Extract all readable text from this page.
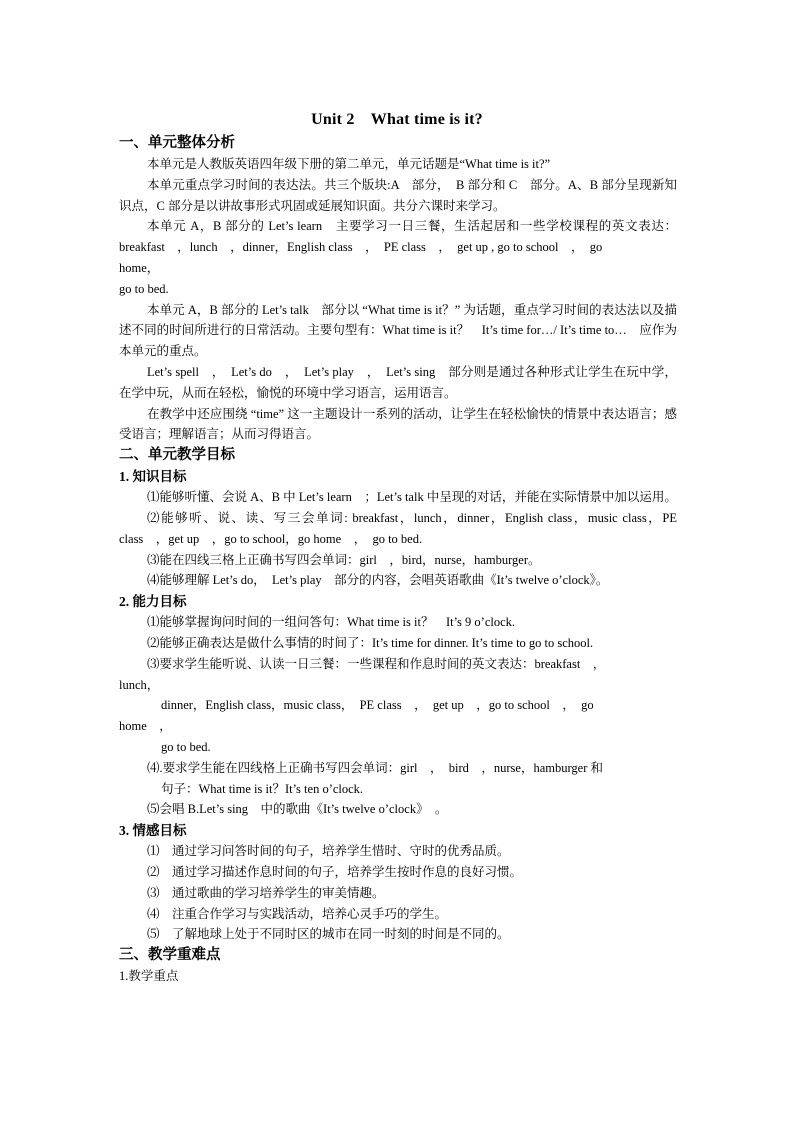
Unit 2　What time is it?
一、单元整体分析
本单元是人教版英语四年级下册的第二单元，单元话题是“What time is it?”
本单元重点学习时间的表达法。共三个版块:A　部分，　B 部分和 C　部分。A、B 部分呈现新知识点，C 部分是以讲故事形式巩固或延展知识面。共分六课时来学习。
本单元 A，B 部分的 Let’s learn　主要学习一日三餐，生活起居和一些学校课程的英文表达：breakfast　，lunch　，dinner，English class　，　PE class　，　get up , go to school　，　go
home，
go to bed.
本单元 A，B 部分的 Let’s talk　部分以 “What time is it？” 为话题，重点学习时间的表达法以及描述不同的时间所进行的日常活动。主要句型有：What time is it？　It’s time for…/ It’s time to…　应作为本单元的重点。
Let’s spell　，　Let’s do　，　Let’s play　，　Let’s sing　部分则是通过各种形式让学生在玩中学，在学中玩，从而在轻松，愉悦的环境中学习语言，运用语言。
在教学中还应围绕 “time” 这一主题设计一系列的活动，让学生在轻松愉快的情景中表达语言；感受语言；理解语言；从而习得语言。
二、单元教学目标
1. 知识目标
⑴能够听懂、会说 A、B 中 Let’s learn　；Let’s talk 中呈现的对话，并能在实际情景中加以运用。
⑵能够听、说、读、写三会单词: breakfast，lunch，dinner，English class，music class，PE class　，get up　，go to school，go home　，　go to bed.
⑶能在四线三格上正确书写四会单词：girl　，bird，nurse，hamburger。
⑷能够理解 Let’s do，　Let’s play　部分的内容，会唱英语歌曲《It’s twelve o’clock》。
2. 能力目标
⑴能够掌握询问时间的一组问答句：What time is it？　It’s 9 o’clock.
⑵能够正确表达是做什么事情的时间了：It’s time for dinner. It’s time to go to school.
⑶要求学生能听说、认读一日三餐：一些课程和作息时间的英文表达：breakfast　，
lunch，
dinner，English class，music class，　PE class　，　get up　，go to school　，　go
home　，
go to bed.
⑷.要求学生能在四线格上正确书写四会单词：girl　，　bird　，nurse，hamburger 和
句子：What time is it？It’s ten o’clock.
⑸会唱 B.Let’s sing　中的歌曲《It’s twelve o’clock》　。
3. 情感目标
⑴　通过学习问答时间的句子，培养学生惜时、守时的优秀品质。
⑵　通过学习描述作息时间的句子，培养学生按时作息的良好习惯。
⑶　通过歌曲的学习培养学生的审美情趣。
⑷　注重合作学习与实践活动，培养心灵手巧的学生。
⑸　了解地球上处于不同时区的城市在同一时刻的时间是不同的。
三、教学重难点
1.教学重点
